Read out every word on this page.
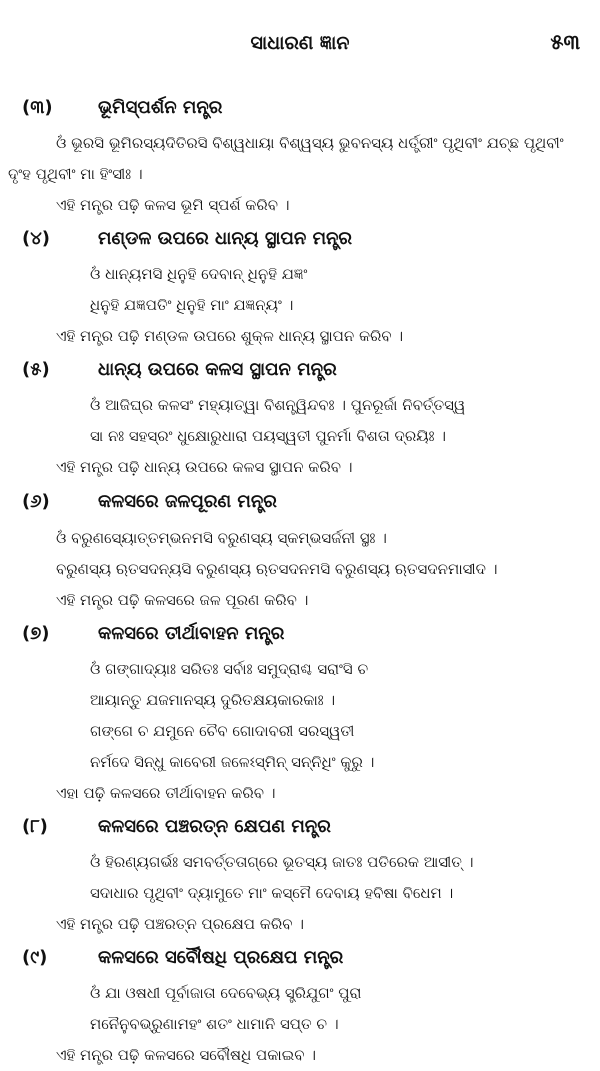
ସାଧାରଣ ଜ୍ଞାନ	୫୩
(୩)	ଭୂମିସ୍ପର୍ଶନ ମନ୍ତ୍ର
ଓଁ ଭୂରସି ଭୂମିରସ୍ୟଦିତିରସି ବିଶ୍ୱଧାୟା ବିଶ୍ୱସ୍ୟ ଭୁବନସ୍ୟ ଧର୍ତ୍ତ୍ରୀଂ ପୃଥିବୀଂ ଯଚ୍ଛ ପୃଥିବୀଂ
ଦୃଂହ ପୃଥିବୀଂ ମା ହିଂସୀଃ ।
ଏହି ମନ୍ତ୍ର ପଢ଼ି କଳସ ଭୂମି ସ୍ପର୍ଶ କରିବ ।
(୪)	ମଣ୍ଡଳ ଉପରେ ଧାନ୍ୟ ସ୍ଥାପନ ମନ୍ତ୍ର
ଓଁ ଧାନ୍ୟମସି ଧିନୁହି ଦେବାନ୍ ଧିନୁହି ଯଜ୍ଞଂ
ଧିନୁହି ଯଜ୍ଞପତିଂ ଧିନୁହି ମାଂ ଯଜ୍ଞନ୍ୟଂ ।
ଏହି ମନ୍ତ୍ର ପଢ଼ି ମଣ୍ଡଳ ଉପରେ ଶୁକ୍ଳ ଧାନ୍ୟ ସ୍ଥାପନ କରିବ ।
(୫)	ଧାନ୍ୟ ଉପରେ କଳସ ସ୍ଥାପନ ମନ୍ତ୍ର
ଓଁ ଆଜିଘ୍ର କଳସଂ ମହ୍ୟାତ୍ୱା ବିଶନ୍ତ୍ୱିନ୍ଦବଃ । ପୁନରୂର୍ଜା ନିବର୍ତ୍ତସ୍ୱ
ସା ନଃ ସହସ୍ରଂ ଧୁକ୍ଷୋରୁଧାରା ପୟସ୍ୱତୀ ପୁନର୍ମା ବିଶତା ଦ୍ରୟିଃ ।
ଏହି ମନ୍ତ୍ର ପଢ଼ି ଧାନ୍ୟ ଉପରେ କଳସ ସ୍ଥାପନ କରିବ ।
(୬)	କଳସରେ ଜଳପୂରଣ ମନ୍ତ୍ର
ଓଁ ବରୁଣସ୍ୟୋତ୍ତମ୍ଭନମସି ବରୁଣସ୍ୟ ସ୍କମ୍ଭସର୍ଜନୀ ସ୍ଥଃ ।
ବରୁଣସ୍ୟ ଋତସଦନ୍ୟସି ବରୁଣସ୍ୟ ଋତସଦନମସି ବରୁଣସ୍ୟ ଋତସଦନମାସୀଦ ।
ଏହି ମନ୍ତ୍ର ପଢ଼ି କଳସରେ ଜଳ ପୂରଣ କରିବ ।
(୭)	କଳସରେ ତୀର୍ଥାବାହନ ମନ୍ତ୍ର
ଓଁ ଗଙ୍ଗାଦ୍ୟାଃ ସରିତଃ ସର୍ବାଃ ସମୁଦ୍ରାଶ୍ଚ ସରାଂସି ଚ
ଆୟାନ୍ତୁ ଯଜମାନସ୍ୟ ଦୁରିତକ୍ଷୟକାରକାଃ ।
ଗଙ୍ଗେ ଚ ଯମୁନେ ଚୈବ ଗୋଦାବରୀ ସରସ୍ୱତୀ
ନର୍ମଦେ ସିନ୍ଧୁ କାବେରୀ ଜଳେଽସ୍ମିନ୍ ସନ୍ନିଧିଂ କୁରୁ ।
ଏହା ପଢ଼ି କଳସରେ ତୀର୍ଥାବାହନ କରିବ ।
(୮)	କଳସରେ ପଞ୍ଚରତ୍ନ କ୍ଷେପଣ ମନ୍ତ୍ର
ଓଁ ହିରଣ୍ୟଗର୍ଭଃ ସମବର୍ତ୍ତତାଗ୍ରେ ଭୂତସ୍ୟ ଜାତଃ ପତିରେକ ଆସୀତ୍ ।
ସଦାଧାର ପୃଥିବୀଂ ଦ୍ୟାମୁତେ ମାଂ କସ୍ମୈ ଦେବାୟ ହବିଷା ବିଧେମ ।
ଏହି ମନ୍ତ୍ର ପଢ଼ି ପଞ୍ଚରତ୍ନ ପ୍ରକ୍ଷେପ କରିବ ।
(୯)	କଳସରେ ସର୍ବୌଷଧି ପ୍ରକ୍ଷେପ ମନ୍ତ୍ର
ଓଁ ଯା ଓଷଧୀ ପୂର୍ବାଜାତା ଦେବେଭ୍ୟ ସ୍ତ୍ରିଯୁଗଂ ପୁରା
ମନୈନୁବଭ୍ରୁଣାମହଂ ଶତଂ ଧାମାନି ସପ୍ତ ଚ ।
ଏହି ମନ୍ତ୍ର ପଢ଼ି କଳସରେ ସର୍ବୌଷଧି ପକାଇବ ।
